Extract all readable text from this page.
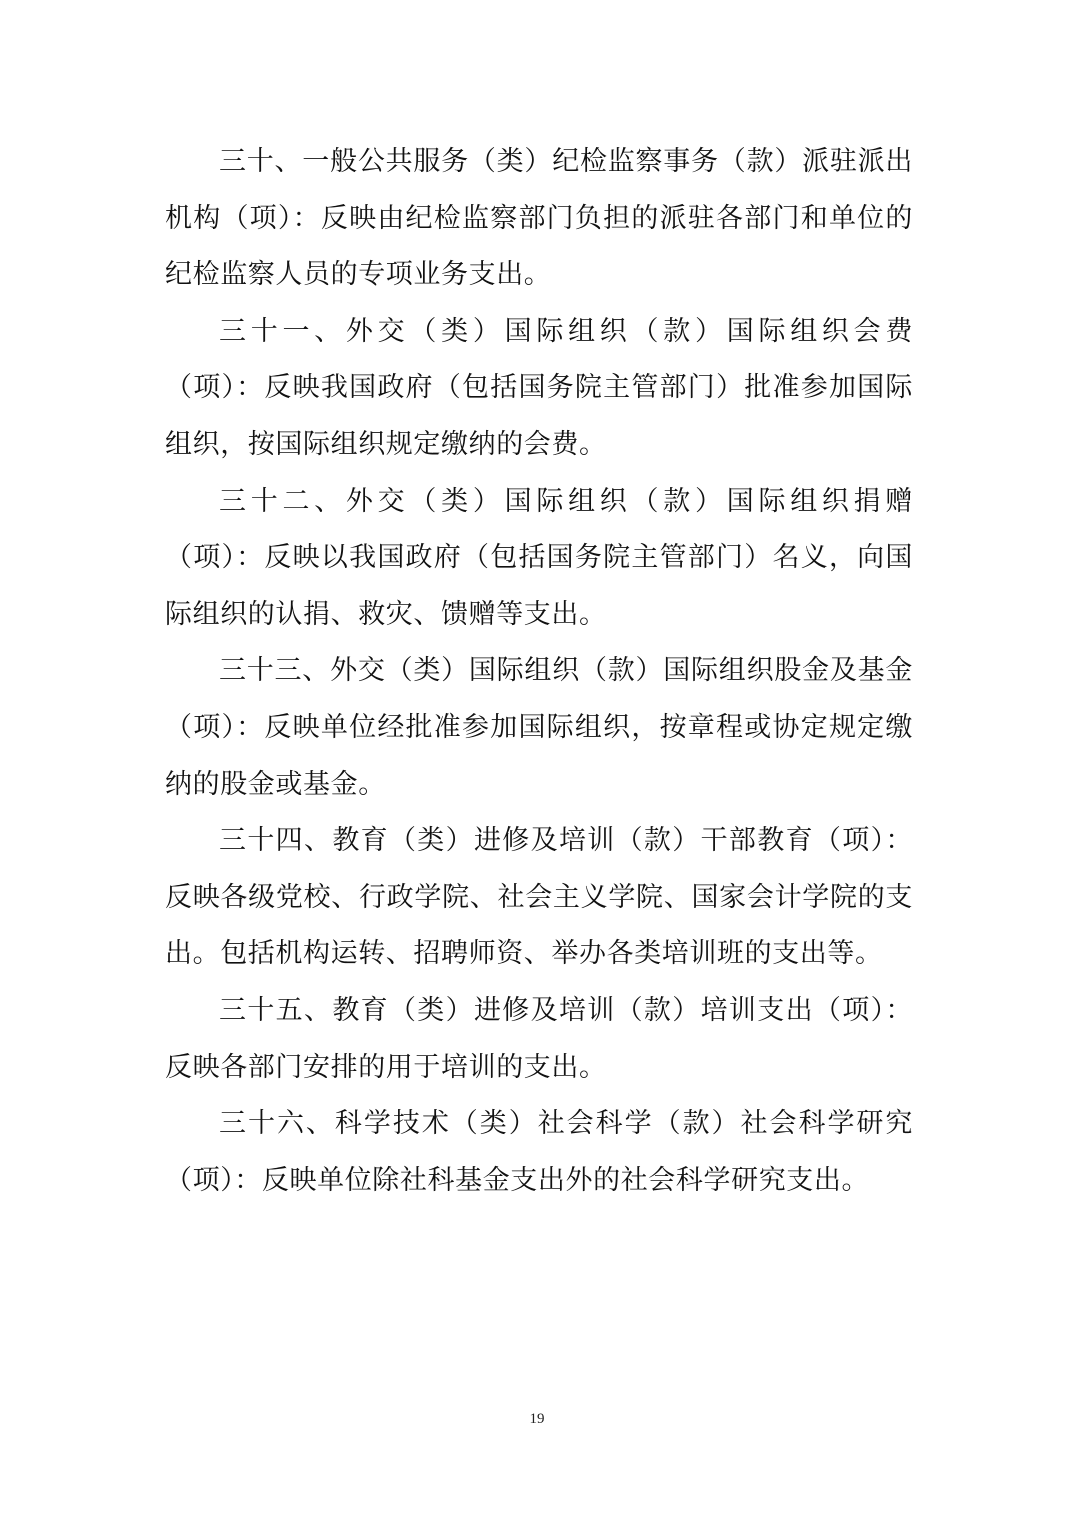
三十、一般公共服务（类）纪检监察事务（款）派驻派出机构（项）：反映由纪检监察部门负担的派驻各部门和单位的纪检监察人员的专项业务支出。

三十一、外交（类）国际组织（款）国际组织会费（项）：反映我国政府（包括国务院主管部门）批准参加国际组织，按国际组织规定缴纳的会费。

三十二、外交（类）国际组织（款）国际组织捐赠（项）：反映以我国政府（包括国务院主管部门）名义，向国际组织的认捐、救灾、馈赠等支出。

三十三、外交（类）国际组织（款）国际组织股金及基金（项）：反映单位经批准参加国际组织，按章程或协定规定缴纳的股金或基金。

三十四、教育（类）进修及培训（款）干部教育（项）：反映各级党校、行政学院、社会主义学院、国家会计学院的支出。包括机构运转、招聘师资、举办各类培训班的支出等。

三十五、教育（类）进修及培训（款）培训支出（项）：反映各部门安排的用于培训的支出。

三十六、科学技术（类）社会科学（款）社会科学研究（项）：反映单位除社科基金支出外的社会科学研究支出。

19
